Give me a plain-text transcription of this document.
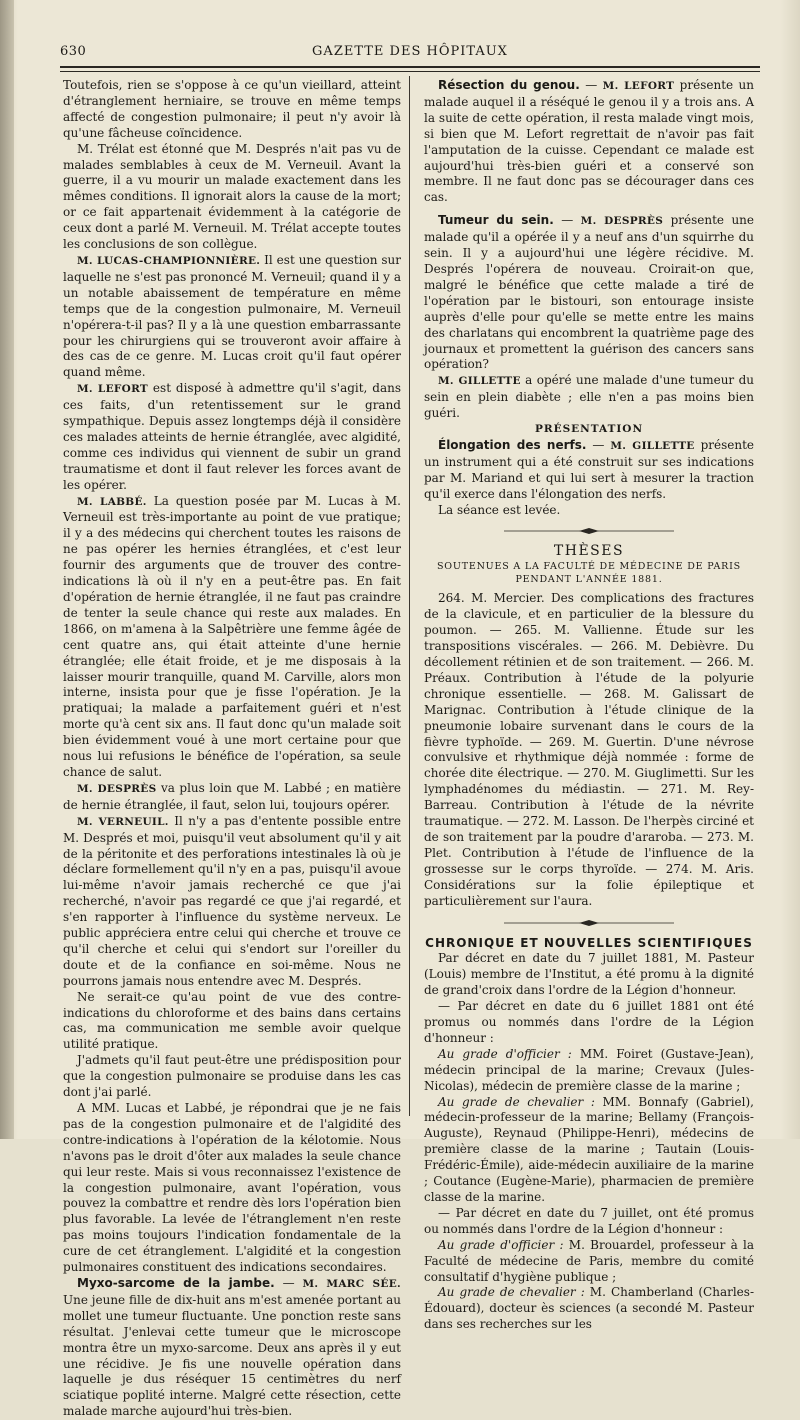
630	GAZETTE DES HÔPITAUX

Toutefois, rien se s'oppose à ce qu'un vieillard, atteint d'étranglement herniaire, se trouve en même temps affecté de congestion pulmonaire; il peut n'y avoir là qu'une fâcheuse coïncidence.

M. Trélat est étonné que M. Després n'ait pas vu de malades semblables à ceux de M. Verneuil. Avant la guerre, il a vu mourir un malade exactement dans les mêmes conditions. Il ignorait alors la cause de la mort; or ce fait appartenait évidemment à la catégorie de ceux dont a parlé M. Verneuil. M. Trélat accepte toutes les conclusions de son collègue.

M. LUCAS-CHAMPIONNIÈRE. Il est une question sur laquelle ne s'est pas prononcé M. Verneuil; quand il y a un notable abaissement de température en même temps que de la congestion pulmonaire, M. Verneuil n'opérera-t-il pas? Il y a là une question embarrassante pour les chirurgiens qui se trouveront avoir affaire à des cas de ce genre. M. Lucas croit qu'il faut opérer quand même.

M. LEFORT est disposé à admettre qu'il s'agit, dans ces faits, d'un retentissement sur le grand sympathique. Depuis assez longtemps déjà il considère ces malades atteints de hernie étranglée, avec algidité, comme ces individus qui viennent de subir un grand traumatisme et dont il faut relever les forces avant de les opérer.

M. LABBÉ. La question posée par M. Lucas à M. Verneuil est très-importante au point de vue pratique; il y a des médecins qui cherchent toutes les raisons de ne pas opérer les hernies étranglées, et c'est leur fournir des arguments que de trouver des contre-indications là où il n'y en a peut-être pas. En fait d'opération de hernie étranglée, il ne faut pas craindre de tenter la seule chance qui reste aux malades. En 1866, on m'amena à la Salpêtrière une femme âgée de cent quatre ans, qui était atteinte d'une hernie étranglée; elle était froide, et je me disposais à la laisser mourir tranquille, quand M. Carville, alors mon interne, insista pour que je fisse l'opération. Je la pratiquai; la malade a parfaitement guéri et n'est morte qu'à cent six ans. Il faut donc qu'un malade soit bien évidemment voué à une mort certaine pour que nous lui refusions le bénéfice de l'opération, sa seule chance de salut.

M. DESPRÈS va plus loin que M. Labbé ; en matière de hernie étranglée, il faut, selon lui, toujours opérer.

M. VERNEUIL. Il n'y a pas d'entente possible entre M. Després et moi, puisqu'il veut absolument qu'il y ait de la péritonite et des perforations intestinales là où je déclare formellement qu'il n'y en a pas, puisqu'il avoue lui-même n'avoir jamais recherché ce que j'ai recherché, n'avoir pas regardé ce que j'ai regardé, et s'en rapporter à l'influence du système nerveux. Le public appréciera entre celui qui cherche et trouve ce qu'il cherche et celui qui s'endort sur l'oreiller du doute et de la confiance en soi-même. Nous ne pourrons jamais nous entendre avec M. Després.

Ne serait-ce qu'au point de vue des contre-indications du chloroforme et des bains dans certains cas, ma communication me semble avoir quelque utilité pratique.

J'admets qu'il faut peut-être une prédisposition pour que la congestion pulmonaire se produise dans les cas dont j'ai parlé.

A MM. Lucas et Labbé, je répondrai que je ne fais pas de la congestion pulmonaire et de l'algidité des contre-indications à l'opération de la kélotomie. Nous n'avons pas le droit d'ôter aux malades la seule chance qui leur reste. Mais si vous reconnaissez l'existence de la congestion pulmonaire, avant l'opération, vous pouvez la combattre et rendre dès lors l'opération bien plus favorable. La levée de l'étranglement n'en reste pas moins toujours l'indication fondamentale de la cure de cet étranglement. L'algidité et la congestion pulmonaires constituent des indications secondaires.

Myxo-sarcome de la jambe. — M. MARC SÉE. Une jeune fille de dix-huit ans m'est amenée portant au mollet une tumeur fluctuante. Une ponction reste sans résultat. J'enlevai cette tumeur que le microscope montra être un myxo-sarcome. Deux ans après il y eut une récidive. Je fis une nouvelle opération dans laquelle je dus réséquer 15 centimètres du nerf sciatique poplité interne. Malgré cette résection, cette malade marche aujourd'hui très-bien.

Résection du genou. — M. LEFORT présente un malade auquel il a réséqué le genou il y a trois ans. A la suite de cette opération, il resta malade vingt mois, si bien que M. Lefort regrettait de n'avoir pas fait l'amputation de la cuisse. Cependant ce malade est aujourd'hui très-bien guéri et a conservé son membre. Il ne faut donc pas se décourager dans ces cas.

Tumeur du sein. — M. DESPRÈS présente une malade qu'il a opérée il y a neuf ans d'un squirrhe du sein. Il y a aujourd'hui une légère récidive. M. Després l'opérera de nouveau. Croirait-on que, malgré le bénéfice que cette malade a tiré de l'opération par le bistouri, son entourage insiste auprès d'elle pour qu'elle se mette entre les mains des charlatans qui encombrent la quatrième page des journaux et promettent la guérison des cancers sans opération?

M. GILLETTE a opéré une malade d'une tumeur du sein en plein diabète ; elle n'en a pas moins bien guéri.

PRÉSENTATION

Élongation des nerfs. — M. GILLETTE présente un instrument qui a été construit sur ses indications par M. Mariand et qui lui sert à mesurer la traction qu'il exerce dans l'élongation des nerfs.

La séance est levée.

THÈSES

SOUTENUES A LA FACULTÉ DE MÉDECINE DE PARIS

PENDANT L'ANNÉE 1881.

264. M. Mercier. Des complications des fractures de la clavicule, et en particulier de la blessure du poumon. — 265. M. Vallienne. Étude sur les transpositions viscérales. — 266. M. Debièvre. Du décollement rétinien et de son traitement. — 266. M. Préaux. Contribution à l'étude de la polyurie chronique essentielle. — 268. M. Galissart de Marignac. Contribution à l'étude clinique de la pneumonie lobaire survenant dans le cours de la fièvre typhoïde. — 269. M. Guertin. D'une névrose convulsive et rhythmique déjà nommée : forme de chorée dite électrique. — 270. M. Giuglimetti. Sur les lymphadénomes du médiastin. — 271. M. Rey-Barreau. Contribution à l'étude de la névrite traumatique. — 272. M. Lasson. De l'herpès circiné et de son traitement par la poudre d'araroba. — 273. M. Plet. Contribution à l'étude de l'influence de la grossesse sur le corps thyroïde. — 274. M. Aris. Considérations sur la folie épileptique et particulièrement sur l'aura.

CHRONIQUE ET NOUVELLES SCIENTIFIQUES

Par décret en date du 7 juillet 1881, M. Pasteur (Louis) membre de l'Institut, a été promu à la dignité de grand'croix dans l'ordre de la Légion d'honneur.

— Par décret en date du 6 juillet 1881 ont été promus ou nommés dans l'ordre de la Légion d'honneur :

Au grade d'officier : MM. Foiret (Gustave-Jean), médecin principal de la marine; Crevaux (Jules-Nicolas), médecin de première classe de la marine ;

Au grade de chevalier : MM. Bonnafy (Gabriel), médecin-professeur de la marine; Bellamy (François-Auguste), Reynaud (Philippe-Henri), médecins de première classe de la marine ; Tautain (Louis-Frédéric-Émile), aide-médecin auxiliaire de la marine ; Coutance (Eugène-Marie), pharmacien de première classe de la marine.

— Par décret en date du 7 juillet, ont été promus ou nommés dans l'ordre de la Légion d'honneur :

Au grade d'officier : M. Brouardel, professeur à la Faculté de médecine de Paris, membre du comité consultatif d'hygiène publique ;

Au grade de chevalier : M. Chamberland (Charles-Édouard), docteur ès sciences (a secondé M. Pasteur dans ses recherches sur les
